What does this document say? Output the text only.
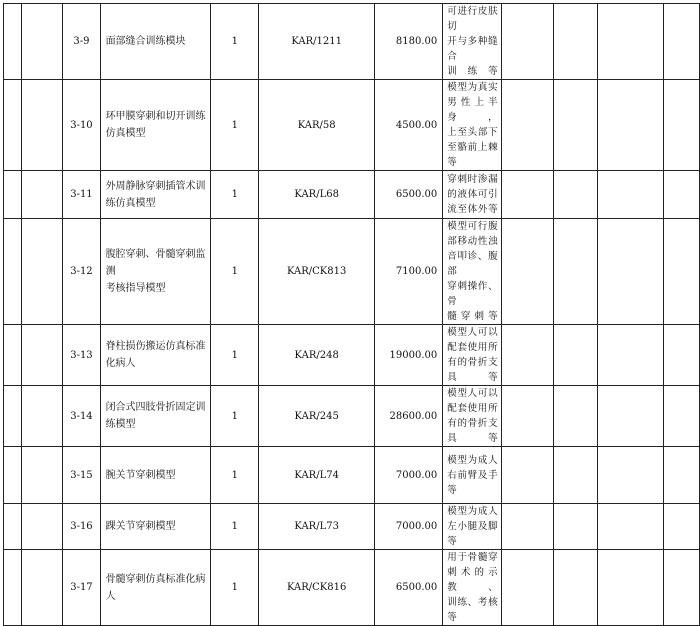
		3-9	面部缝合训练模块	1	KAR/1211	8180.00	可进行皮肤切
开与多种缝合
训练等				

		3-10	环甲膜穿刺和切开训练
仿真模型	1	KAR/58	4500.00	模型为真实
男性上半身，
上至头部下
至骼前上棘
等				

		3-11	外周静脉穿刺插管术训
练仿真模型	1	KAR/L68	6500.00	穿刺时渗漏
的液体可引
流至体外等				

		3-12	腹腔穿刺、骨髓穿刺监测
考核指导模型	1	KAR/CK813	7100.00	模型可行腹
部移动性浊
音叩诊、腹部
穿刺操作、骨
髓穿刺等				

		3-13	脊柱损伤搬运仿真标准
化病人	1	KAR/248	19000.00	模型人可以
配套使用所
有的骨折支
具等				

		3-14	闭合式四肢骨折固定训
练模型	1	KAR/245	28600.00	模型人可以
配套使用所
有的骨折支
具等				

		3-15	腕关节穿刺模型	1	KAR/L74	7000.00	模型为成人
右前臂及手
等				

		3-16	踝关节穿刺模型	1	KAR/L73	7000.00	模型为成人
左小腿及脚
等				

		3-17	骨髓穿刺仿真标准化病
人	1	KAR/CK816	6500.00	用于骨髓穿
刺术的示教、
训练、考核等				
